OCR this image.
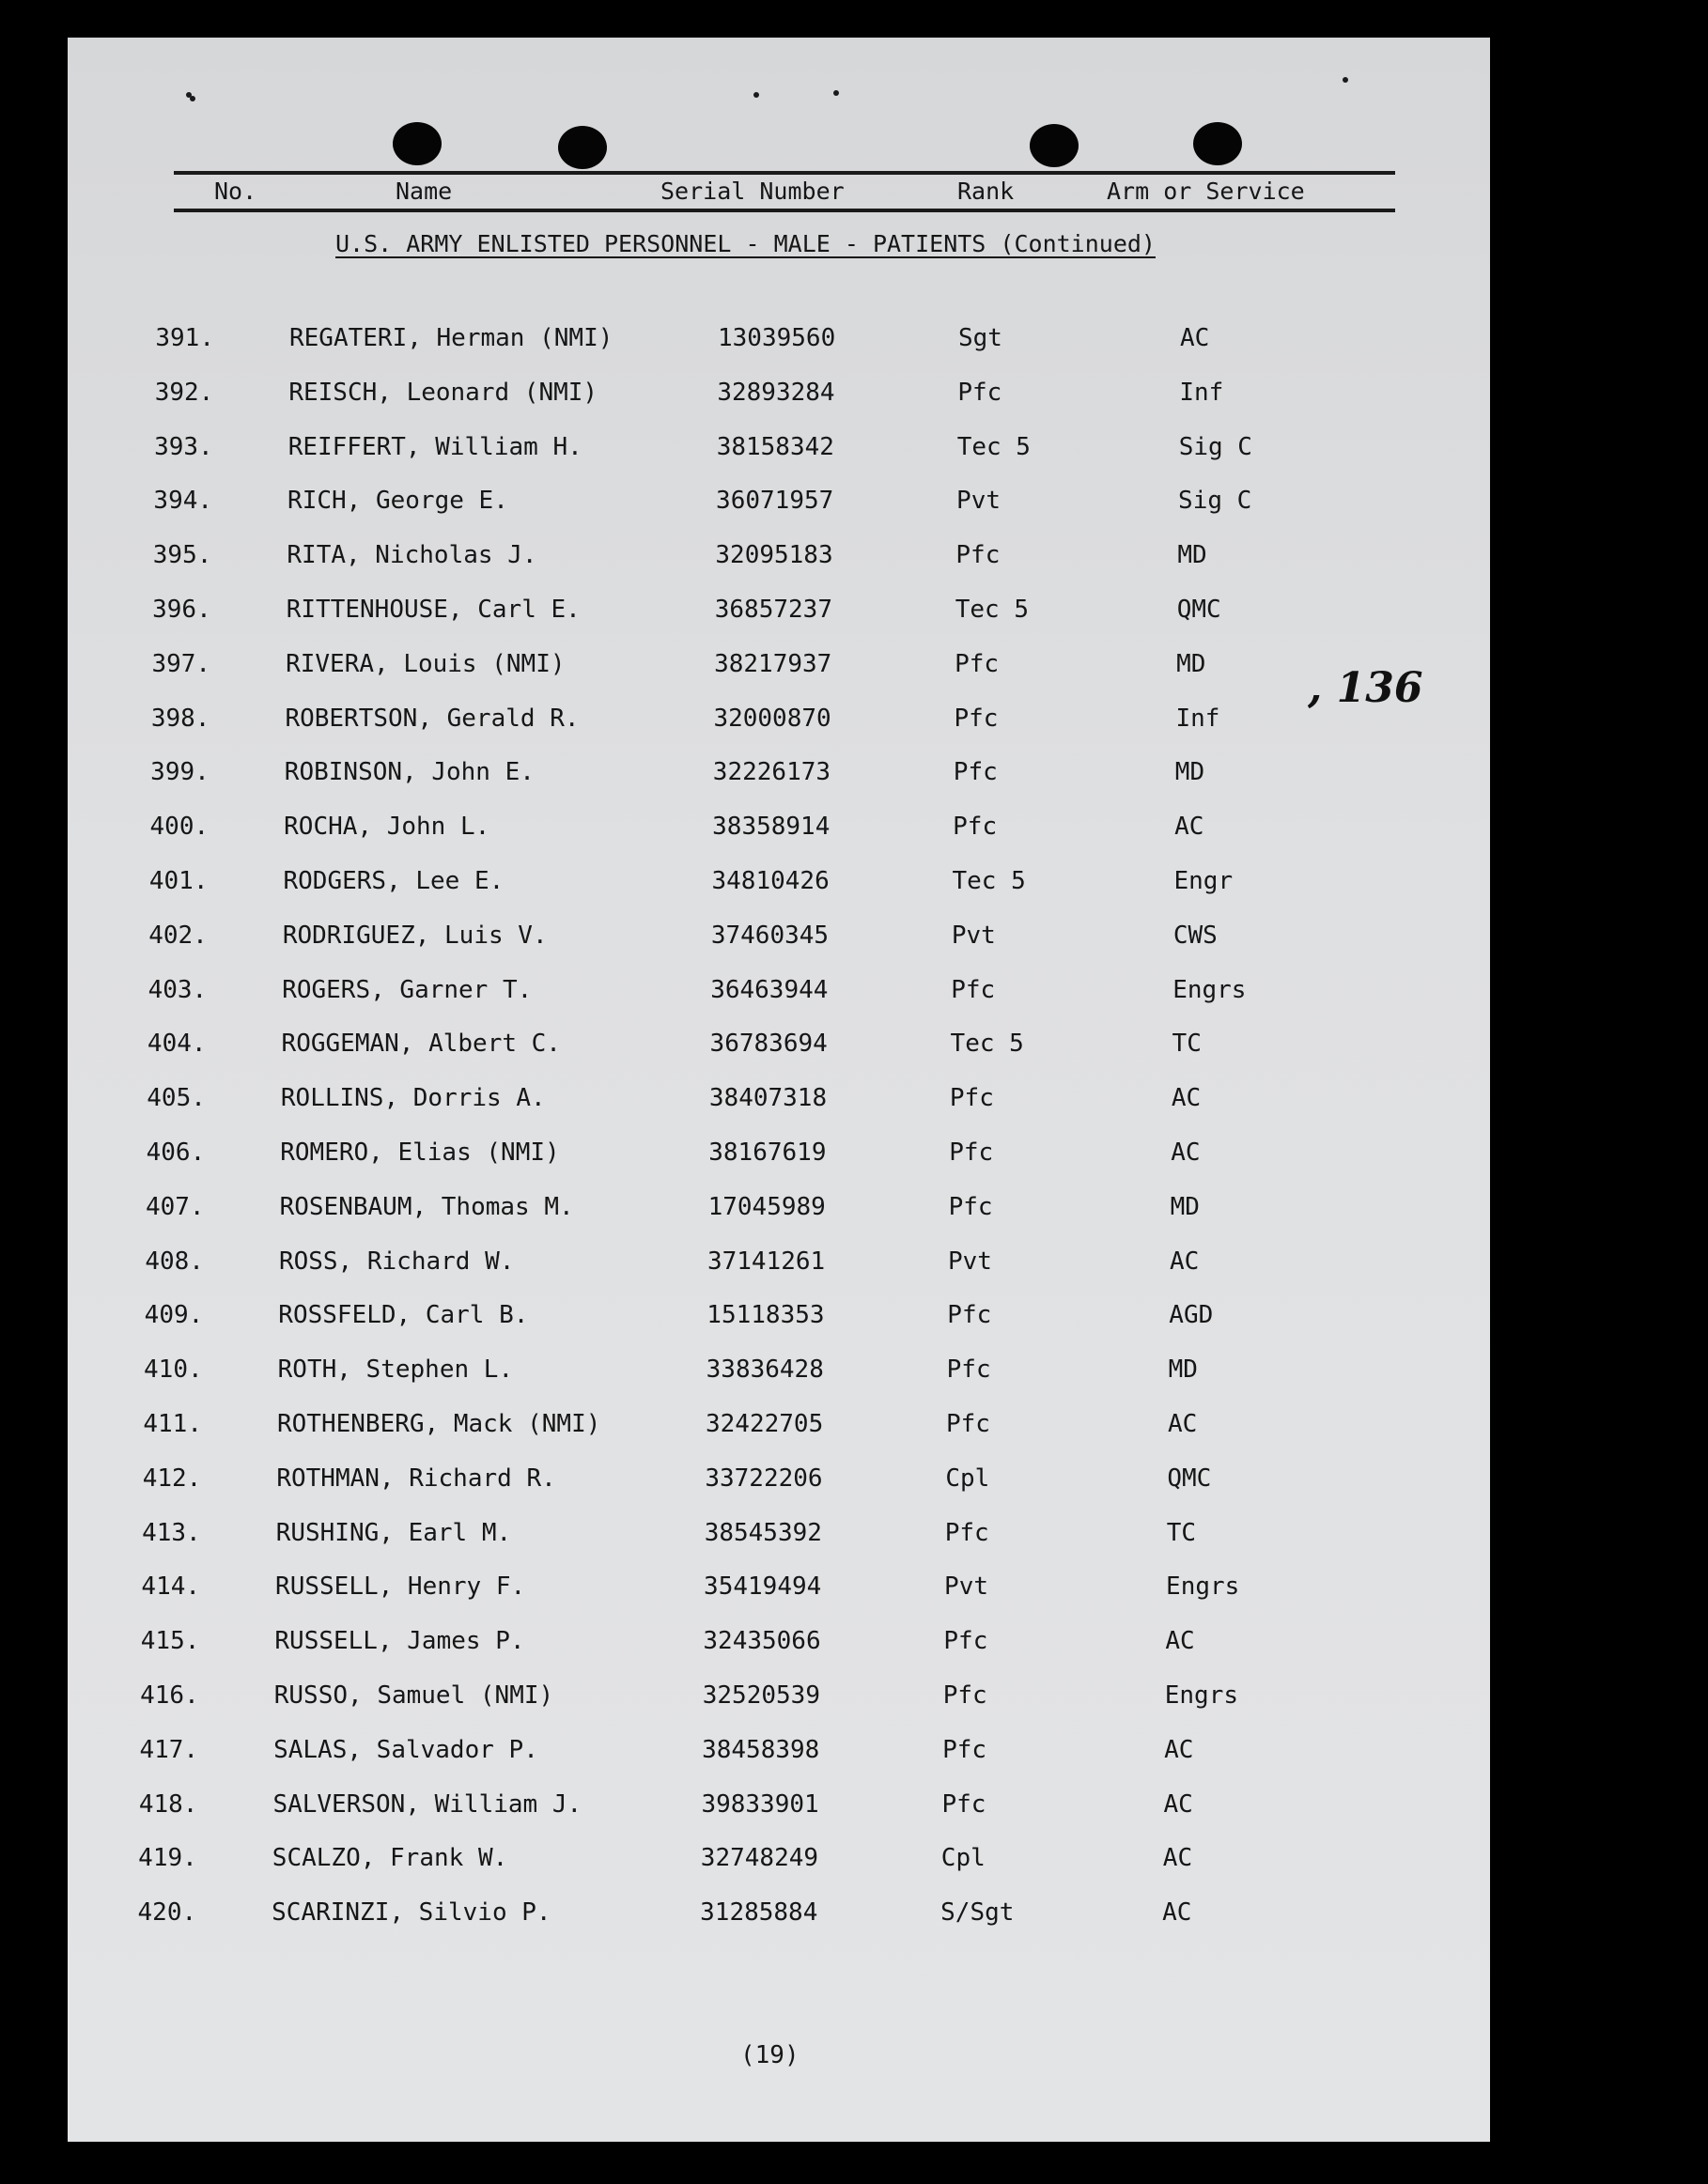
No.	Name	Serial Number	Rank	Arm or Service
U.S. ARMY ENLISTED PERSONNEL - MALE - PATIENTS (Continued)
391.	REGATERI, Herman (NMI)	13039560	Sgt	AC
392.	REISCH, Leonard (NMI)	32893284	Pfc	Inf
393.	REIFFERT, William H.	38158342	Tec 5	Sig C
394.	RICH, George E.	36071957	Pvt	Sig C
395.	RITA, Nicholas J.	32095183	Pfc	MD
396.	RITTENHOUSE, Carl E.	36857237	Tec 5	QMC
397.	RIVERA, Louis (NMI)	38217937	Pfc	MD
398.	ROBERTSON, Gerald R.	32000870	Pfc	Inf
399.	ROBINSON, John E.	32226173	Pfc	MD
400.	ROCHA, John L.	38358914	Pfc	AC
401.	RODGERS, Lee E.	34810426	Tec 5	Engr
402.	RODRIGUEZ, Luis V.	37460345	Pvt	CWS
403.	ROGERS, Garner T.	36463944	Pfc	Engrs
404.	ROGGEMAN, Albert C.	36783694	Tec 5	TC
405.	ROLLINS, Dorris A.	38407318	Pfc	AC
406.	ROMERO, Elias (NMI)	38167619	Pfc	AC
407.	ROSENBAUM, Thomas M.	17045989	Pfc	MD
408.	ROSS, Richard W.	37141261	Pvt	AC
409.	ROSSFELD, Carl B.	15118353	Pfc	AGD
410.	ROTH, Stephen L.	33836428	Pfc	MD
411.	ROTHENBERG, Mack (NMI)	32422705	Pfc	AC
412.	ROTHMAN, Richard R.	33722206	Cpl	QMC
413.	RUSHING, Earl M.	38545392	Pfc	TC
414.	RUSSELL, Henry F.	35419494	Pvt	Engrs
415.	RUSSELL, James P.	32435066	Pfc	AC
416.	RUSSO, Samuel (NMI)	32520539	Pfc	Engrs
417.	SALAS, Salvador P.	38458398	Pfc	AC
418.	SALVERSON, William J.	39833901	Pfc	AC
419.	SCALZO, Frank W.	32748249	Cpl	AC
420.	SCARINZI, Silvio P.	31285884	S/Sgt	AC
, 136
(19)
